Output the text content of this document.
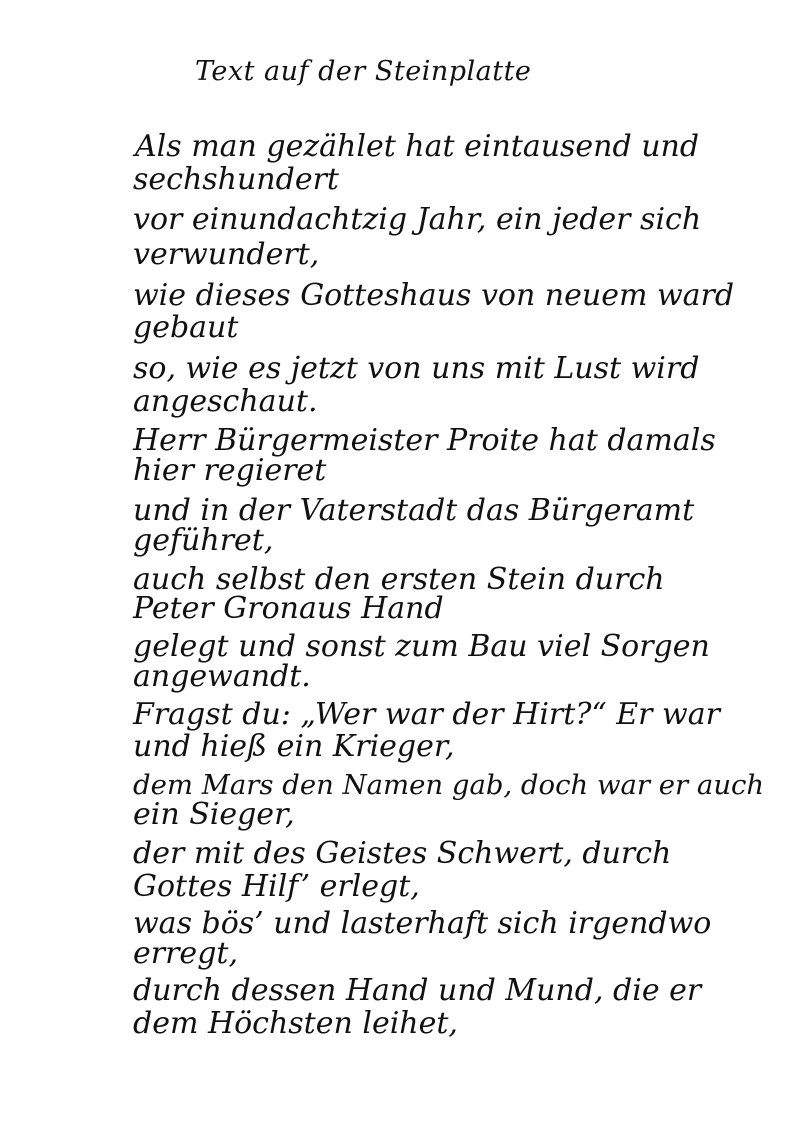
Text auf der Steinplatte
Als man gezählet hat eintausend und
sechshundert
vor einundachtzig Jahr, ein jeder sich
verwundert,
wie dieses Gotteshaus von neuem ward
gebaut
so, wie es jetzt von uns mit Lust wird
angeschaut.
Herr Bürgermeister Proite hat damals
hier regieret
und in der Vaterstadt das Bürgeramt
geführet,
auch selbst den ersten Stein durch
Peter Gronaus Hand
gelegt und sonst zum Bau viel Sorgen
angewandt.
Fragst du: „Wer war der Hirt?“ Er war
und hieß ein Krieger,
dem Mars den Namen gab, doch war er auch
ein Sieger,
der mit des Geistes Schwert, durch
Gottes Hilf’ erlegt,
was bös’ und lasterhaft sich irgendwo
erregt,
durch dessen Hand und Mund, die er
dem Höchsten leihet,
